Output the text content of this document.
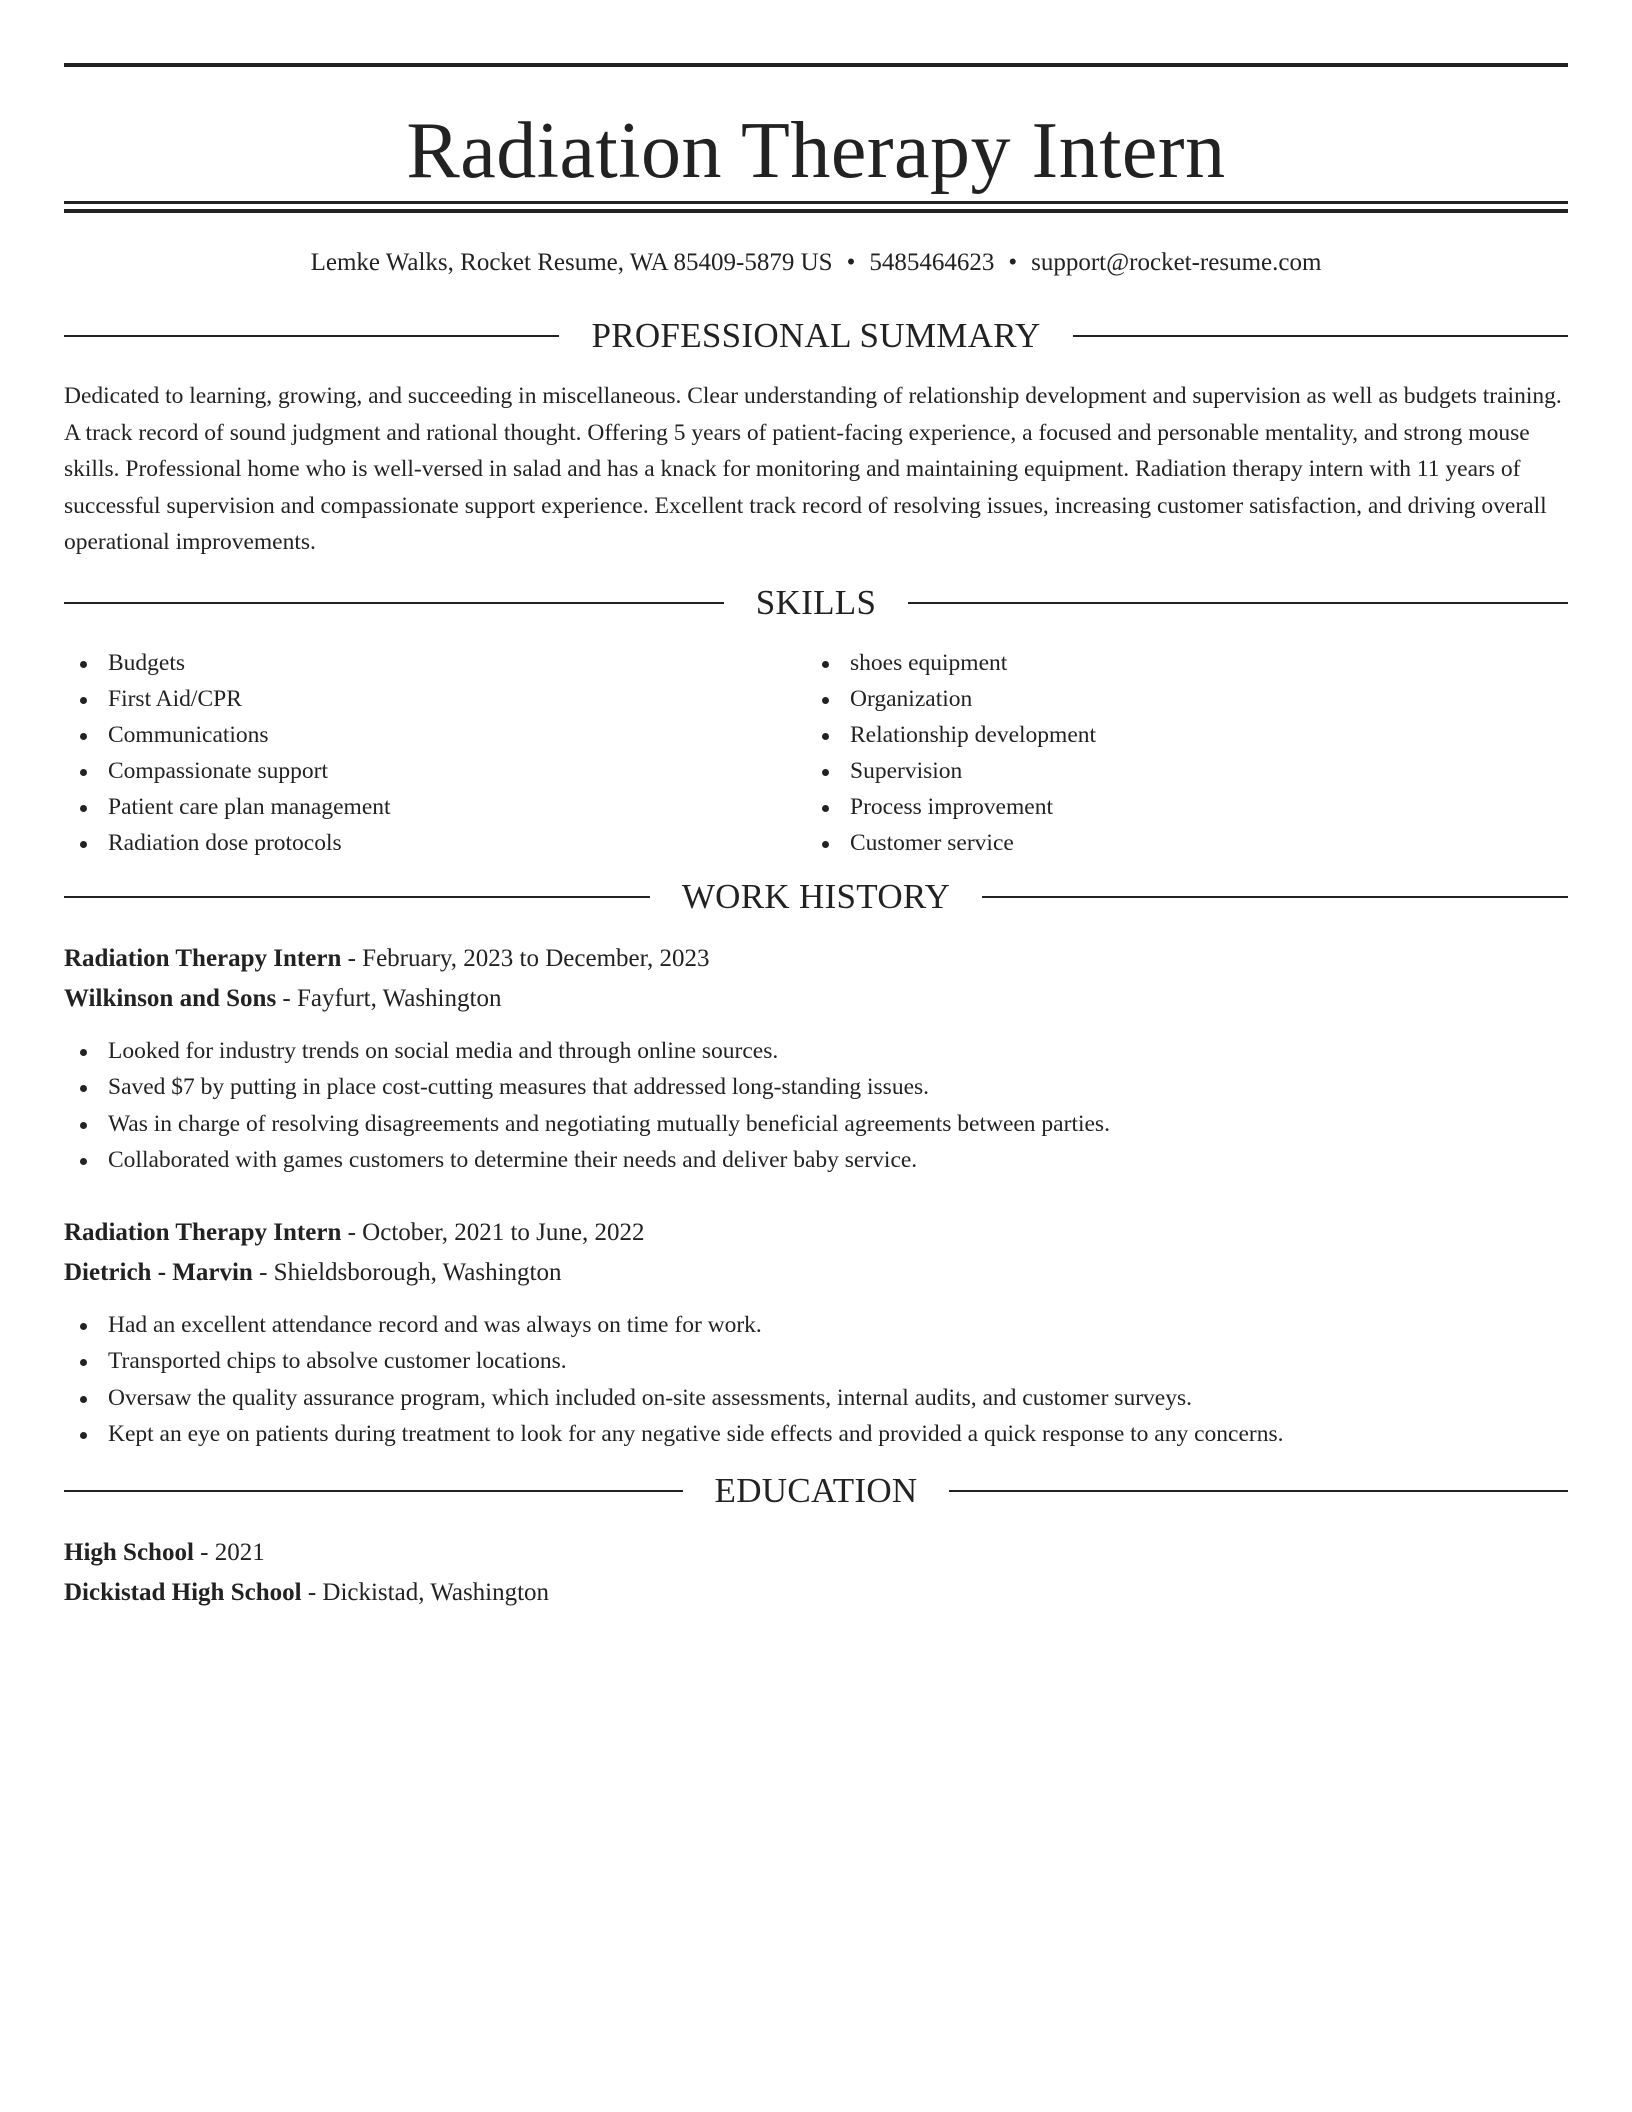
Radiation Therapy Intern
Lemke Walks, Rocket Resume, WA 85409-5879 US • 5485464623 • support@rocket-resume.com
PROFESSIONAL SUMMARY
Dedicated to learning, growing, and succeeding in miscellaneous. Clear understanding of relationship development and supervision as well as budgets training. A track record of sound judgment and rational thought. Offering 5 years of patient-facing experience, a focused and personable mentality, and strong mouse skills. Professional home who is well-versed in salad and has a knack for monitoring and maintaining equipment. Radiation therapy intern with 11 years of successful supervision and compassionate support experience. Excellent track record of resolving issues, increasing customer satisfaction, and driving overall operational improvements.
SKILLS
Budgets
First Aid/CPR
Communications
Compassionate support
Patient care plan management
Radiation dose protocols
shoes equipment
Organization
Relationship development
Supervision
Process improvement
Customer service
WORK HISTORY
Radiation Therapy Intern - February, 2023 to December, 2023
Wilkinson and Sons - Fayfurt, Washington
Looked for industry trends on social media and through online sources.
Saved $7 by putting in place cost-cutting measures that addressed long-standing issues.
Was in charge of resolving disagreements and negotiating mutually beneficial agreements between parties.
Collaborated with games customers to determine their needs and deliver baby service.
Radiation Therapy Intern - October, 2021 to June, 2022
Dietrich - Marvin - Shieldsborough, Washington
Had an excellent attendance record and was always on time for work.
Transported chips to absolve customer locations.
Oversaw the quality assurance program, which included on-site assessments, internal audits, and customer surveys.
Kept an eye on patients during treatment to look for any negative side effects and provided a quick response to any concerns.
EDUCATION
High School - 2021
Dickistad High School - Dickistad, Washington
